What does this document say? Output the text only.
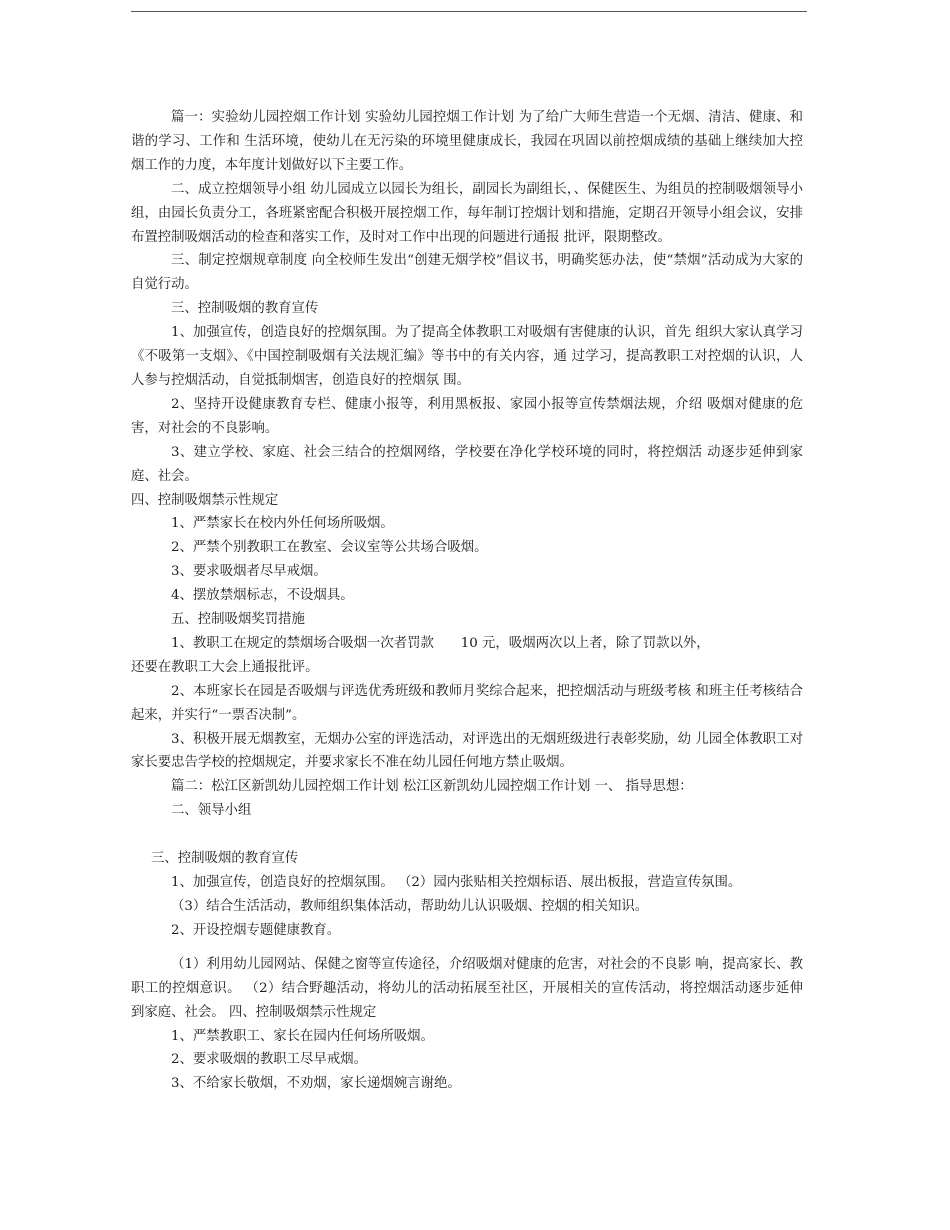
篇一：实验幼儿园控烟工作计划 实验幼儿园控烟工作计划 为了给广大师生营造一个无烟、清洁、健康、和谐的学习、工作和 生活环境，使幼儿在无污染的环境里健康成长，我园在巩固以前控烟成绩的基础上继续加大控 烟工作的力度，本年度计划做好以下主要工作。

二、成立控烟领导小组 幼儿园成立以园长为组长，副园长为副组长，、保健医生、为组员的控制吸烟领导小 组，由园长负责分工，各班紧密配合积极开展控烟工作，每年制订控烟计划和措施，定期召开领导小组会议，安排布置控制吸烟活动的检查和落实工作，及时对工作中出现的问题进行通报 批评，限期整改。

三、制定控烟规章制度 向全校师生发出“创建无烟学校”倡议书，明确奖惩办法，使“禁烟”活动成为大家的 自觉行动。

三、控制吸烟的教育宣传

1、加强宣传，创造良好的控烟氛围。为了提高全体教职工对吸烟有害健康的认识，首先 组织大家认真学习《不吸第一支烟》、《中国控制吸烟有关法规汇编》等书中的有关内容，通 过学习，提高教职工对控烟的认识，人人参与控烟活动，自觉抵制烟害，创造良好的控烟氛 围。

2、坚持开设健康教育专栏、健康小报等，利用黑板报、家园小报等宣传禁烟法规，介绍 吸烟对健康的危害，对社会的不良影响。

3、建立学校、家庭、社会三结合的控烟网络，学校要在净化学校环境的同时，将控烟活 动逐步延伸到家庭、社会。

四、控制吸烟禁示性规定

1、严禁家长在校内外任何场所吸烟。

2、严禁个别教职工在教室、会议室等公共场合吸烟。

3、要求吸烟者尽早戒烟。

4、摆放禁烟标志，不设烟具。

五、控制吸烟奖罚措施

1、教职工在规定的禁烟场合吸烟一次者罚款　　10 元，吸烟两次以上者，除了罚款以外，

还要在教职工大会上通报批评。

2、本班家长在园是否吸烟与评选优秀班级和教师月奖综合起来，把控烟活动与班级考核 和班主任考核结合起来，并实行“一票否决制”。

3、积极开展无烟教室，无烟办公室的评选活动，对评选出的无烟班级进行表彰奖励，幼 儿园全体教职工对家长要忠告学校的控烟规定，并要求家长不准在幼儿园任何地方禁止吸烟。

篇二：松江区新凯幼儿园控烟工作计划 松江区新凯幼儿园控烟工作计划 一、 指导思想：

二、领导小组

三、控制吸烟的教育宣传

1、加强宣传，创造良好的控烟氛围。 （2）园内张贴相关控烟标语、展出板报，营造宣传氛围。

（3）结合生活活动，教师组织集体活动，帮助幼儿认识吸烟、控烟的相关知识。

2、开设控烟专题健康教育。

（1）利用幼儿园网站、保健之窗等宣传途径，介绍吸烟对健康的危害，对社会的不良影 响，提高家长、教职工的控烟意识。 （2）结合野趣活动，将幼儿的活动拓展至社区，开展相关的宣传活动，将控烟活动逐步延伸 到家庭、社会。 四、控制吸烟禁示性规定

1、严禁教职工、家长在园内任何场所吸烟。

2、要求吸烟的教职工尽早戒烟。

3、不给家长敬烟，不劝烟，家长递烟婉言谢绝。
